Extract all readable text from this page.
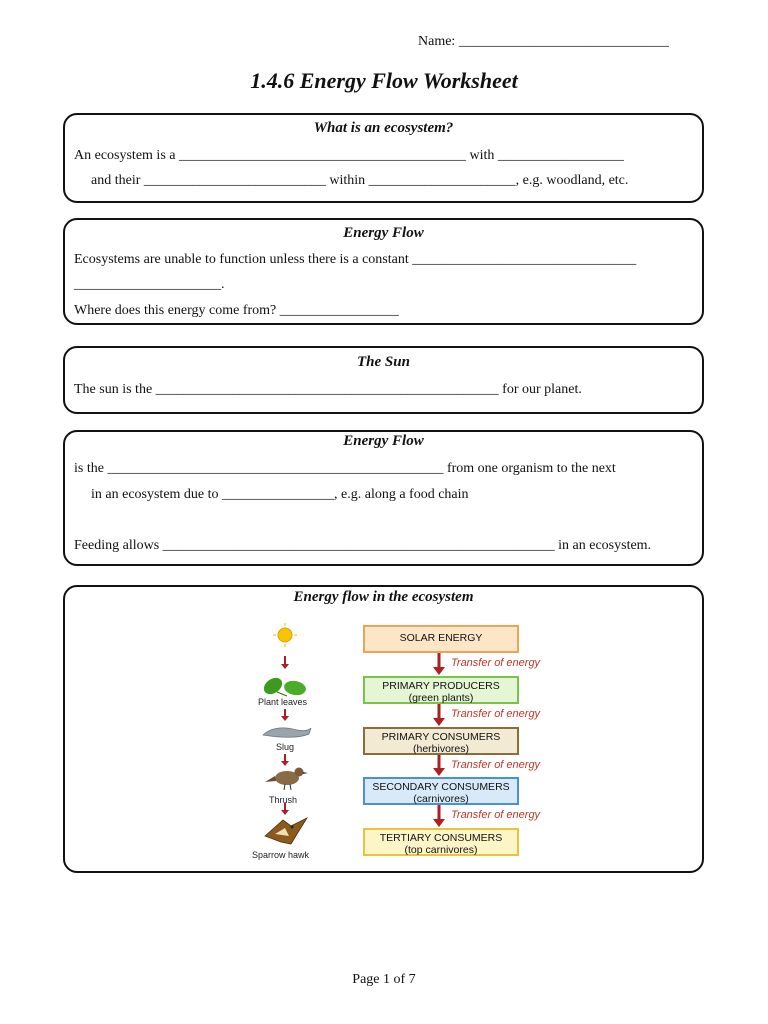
Name: ______________________________
1.4.6 Energy Flow Worksheet
What is an ecosystem?
An ecosystem is a _________________________________________ with __________________
and their __________________________ within _____________________, e.g. woodland, etc.
Energy Flow
Ecosystems are unable to function unless there is a constant ________________________________
_____________________.
Where does this energy come from? _________________
The Sun
The sun is the _________________________________________________ for our planet.
Energy Flow
is the ________________________________________________ from one organism to the next
in an ecosystem due to ________________, e.g. along a food chain
Feeding allows ________________________________________________________ in an ecosystem.
Energy flow in the ecosystem
Plant leaves
Slug
Thrush
Sparrow hawk
SOLAR ENERGY
PRIMARY PRODUCERS
(green plants)
PRIMARY CONSUMERS
(herbivores)
SECONDARY CONSUMERS
(carnivores)
TERTIARY CONSUMERS
(top carnivores)
Transfer of energy
Transfer of energy
Transfer of energy
Transfer of energy
Page 1 of 7
